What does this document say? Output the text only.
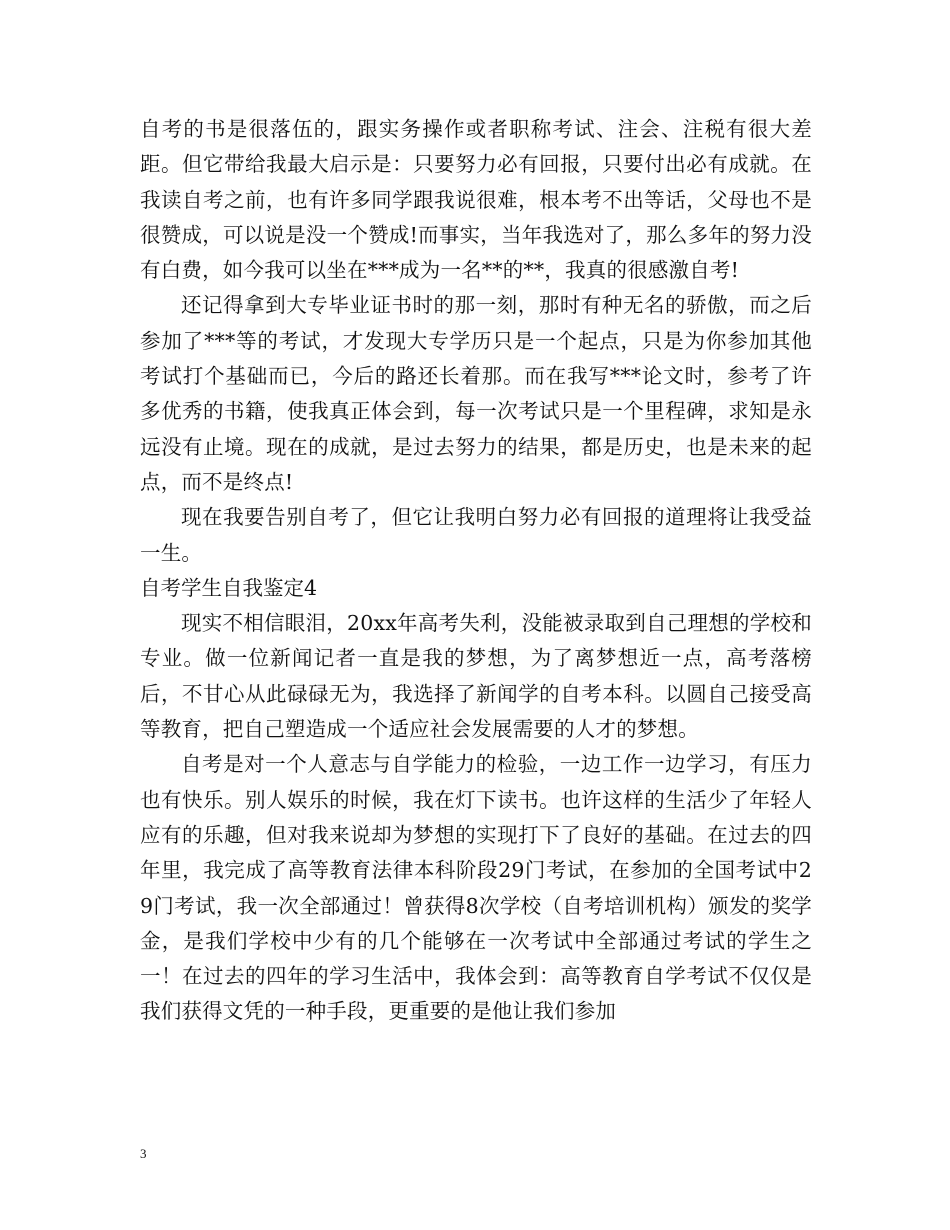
自考的书是很落伍的，跟实务操作或者职称考试、注会、注税有很大差距。但它带给我最大启示是：只要努力必有回报，只要付出必有成就。在我读自考之前，也有许多同学跟我说很难，根本考不出等话，父母也不是很赞成，可以说是没一个赞成!而事实，当年我选对了，那么多年的努力没有白费，如今我可以坐在***成为一名**的**，我真的很感激自考!

还记得拿到大专毕业证书时的那一刻，那时有种无名的骄傲，而之后参加了***等的考试，才发现大专学历只是一个起点，只是为你参加其他考试打个基础而已，今后的路还长着那。而在我写***论文时，参考了许多优秀的书籍，使我真正体会到，每一次考试只是一个里程碑，求知是永远没有止境。现在的成就，是过去努力的结果，都是历史，也是未来的起点，而不是终点!

现在我要告别自考了，但它让我明白努力必有回报的道理将让我受益一生。

自考学生自我鉴定4

现实不相信眼泪，20xx年高考失利，没能被录取到自己理想的学校和专业。做一位新闻记者一直是我的梦想，为了离梦想近一点，高考落榜后，不甘心从此碌碌无为，我选择了新闻学的自考本科。以圆自己接受高等教育，把自己塑造成一个适应社会发展需要的人才的梦想。

自考是对一个人意志与自学能力的检验，一边工作一边学习，有压力也有快乐。别人娱乐的时候，我在灯下读书。也许这样的生活少了年轻人应有的乐趣，但对我来说却为梦想的实现打下了良好的基础。在过去的四年里，我完成了高等教育法律本科阶段29门考试，在参加的全国考试中29门考试，我一次全部通过！曾获得8次学校（自考培训机构）颁发的奖学金，是我们学校中少有的几个能够在一次考试中全部通过考试的学生之一！在过去的四年的学习生活中，我体会到：高等教育自学考试不仅仅是我们获得文凭的一种手段，更重要的是他让我们参加

3
